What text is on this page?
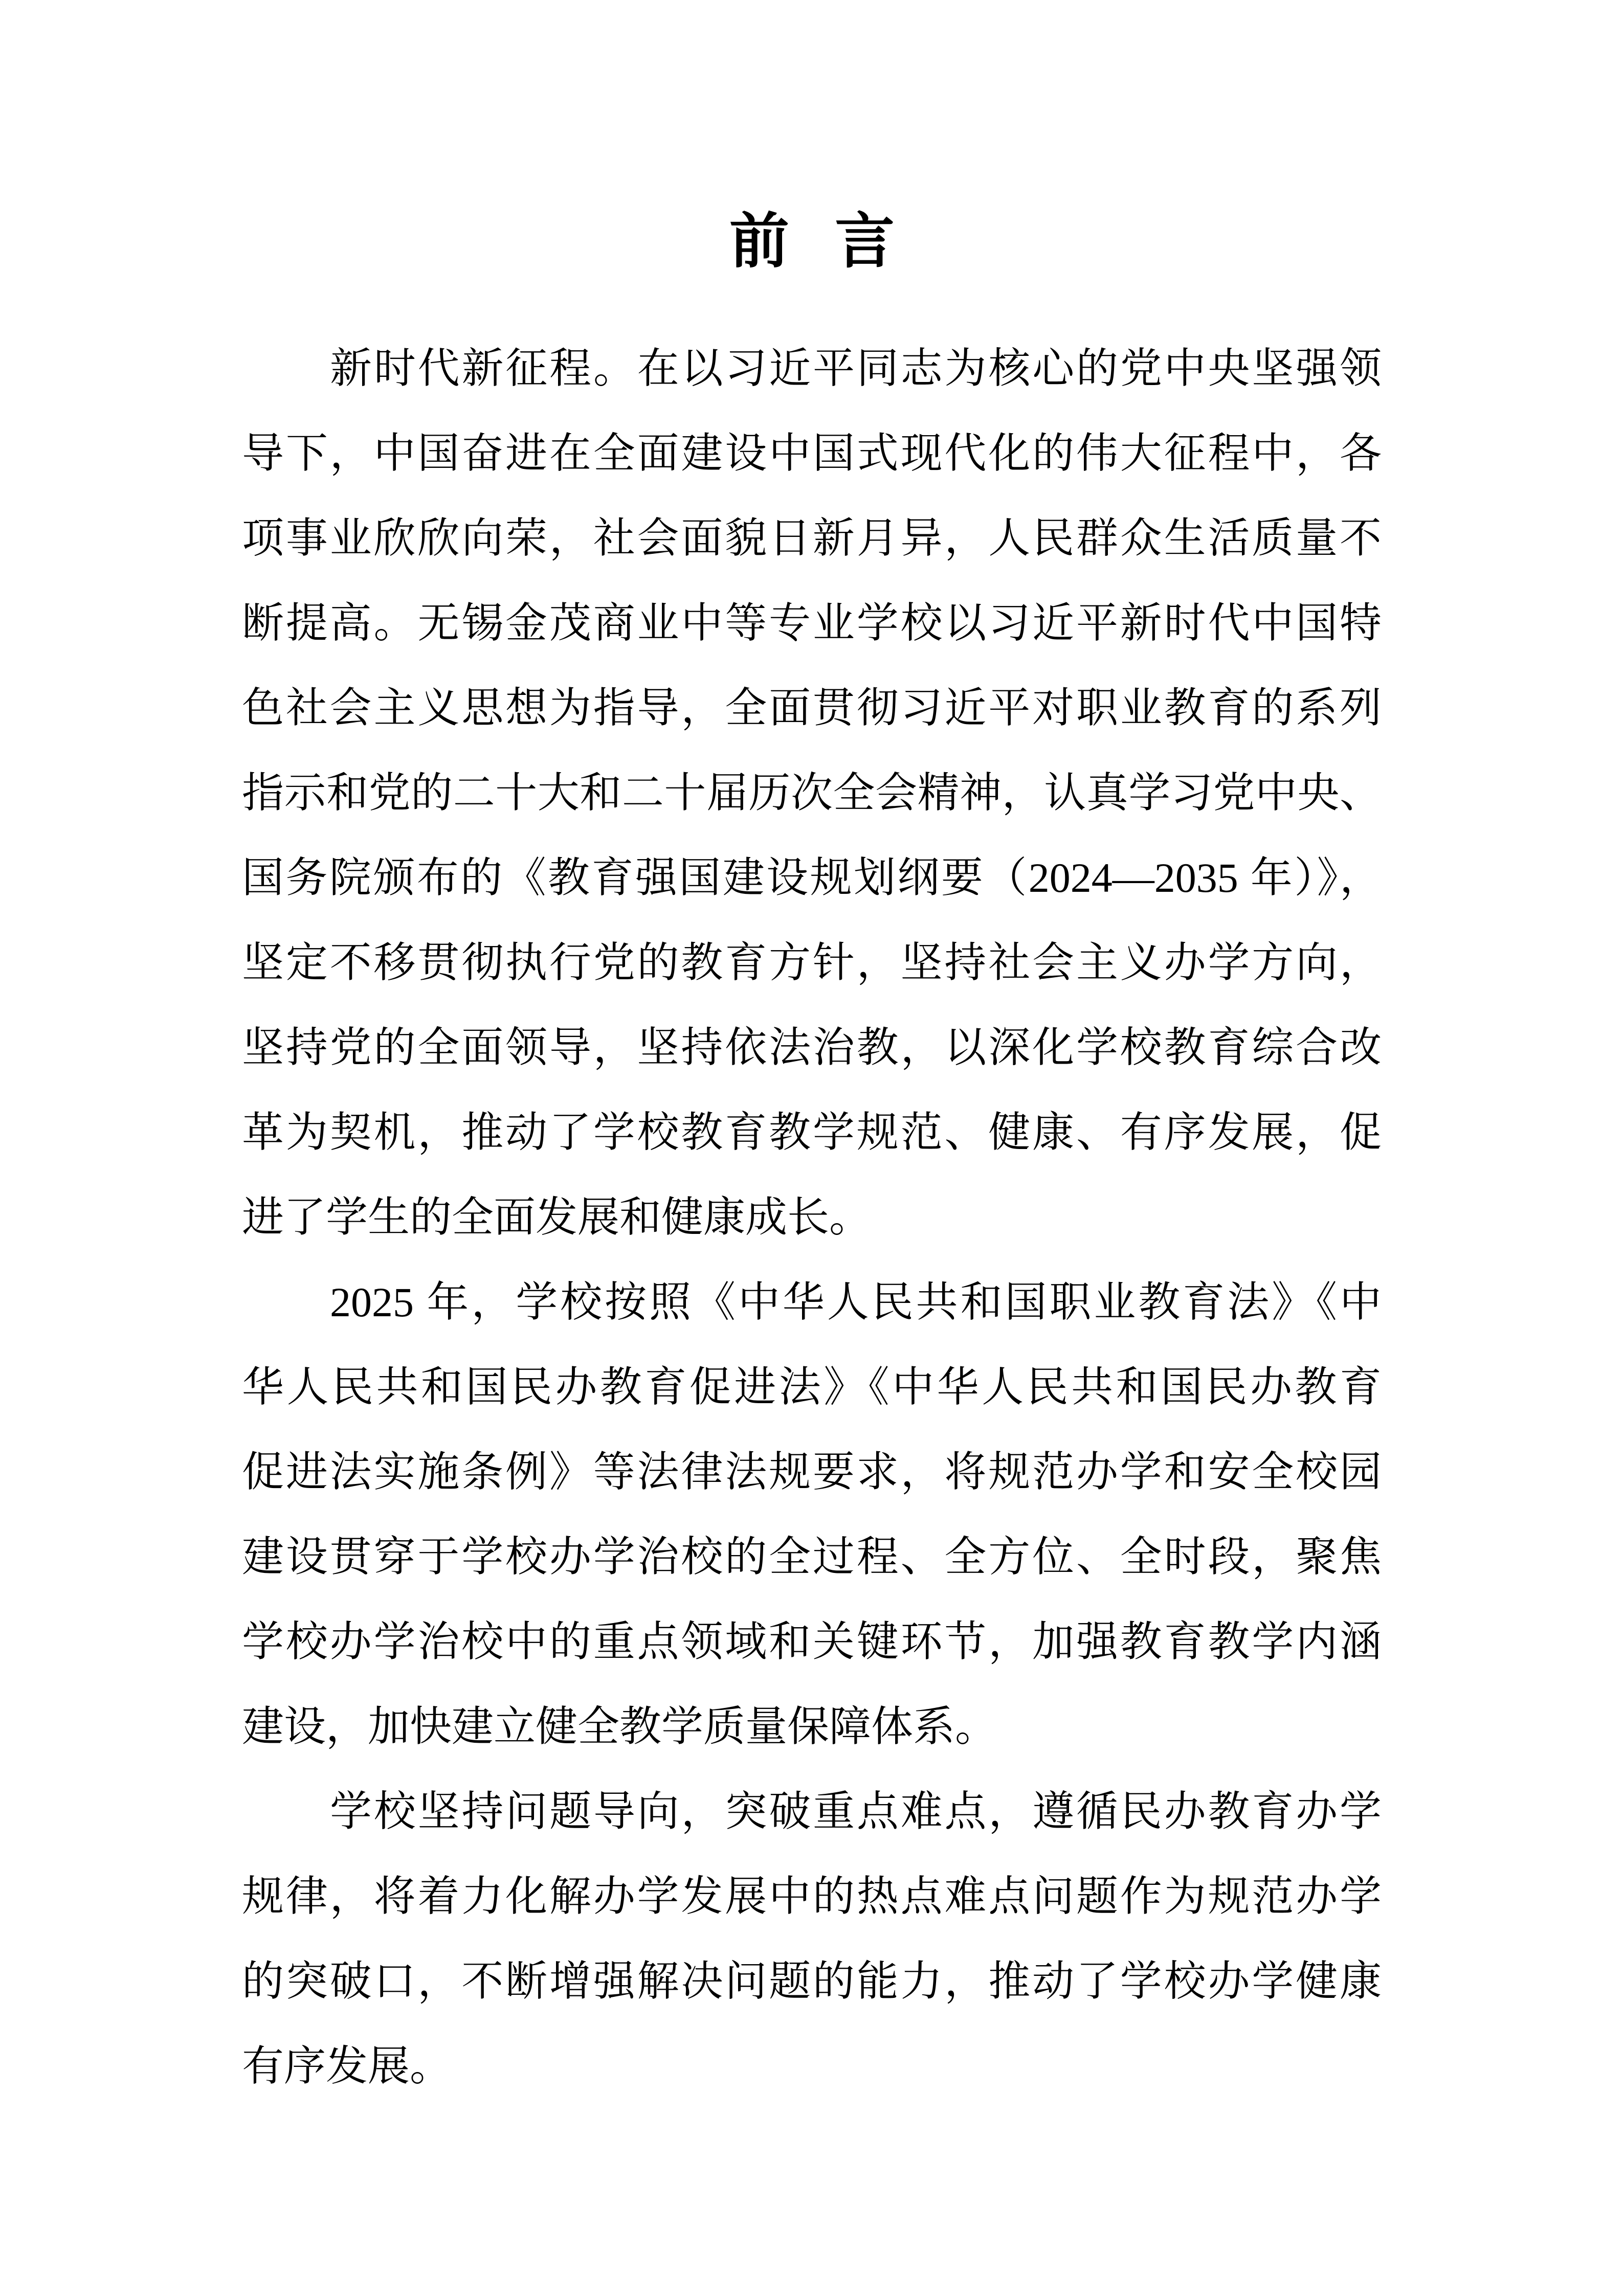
前 言
新时代新征程。在以习近平同志为核心的党中央坚强领
导下，中国奋进在全面建设中国式现代化的伟大征程中，各
项事业欣欣向荣，社会面貌日新月异，人民群众生活质量不
断提高。无锡金茂商业中等专业学校以习近平新时代中国特
色社会主义思想为指导，全面贯彻习近平对职业教育的系列
指示和党的二十大和二十届历次全会精神，认真学习党中央、
国务院颁布的《教育强国建设规划纲要（2024—2035 年）》，
坚定不移贯彻执行党的教育方针，坚持社会主义办学方向，
坚持党的全面领导，坚持依法治教，以深化学校教育综合改
革为契机，推动了学校教育教学规范、健康、有序发展，促
进了学生的全面发展和健康成长。
2025 年，学校按照《中华人民共和国职业教育法》《中
华人民共和国民办教育促进法》《中华人民共和国民办教育
促进法实施条例》等法律法规要求，将规范办学和安全校园
建设贯穿于学校办学治校的全过程、全方位、全时段，聚焦
学校办学治校中的重点领域和关键环节，加强教育教学内涵
建设，加快建立健全教学质量保障体系。
学校坚持问题导向，突破重点难点，遵循民办教育办学
规律，将着力化解办学发展中的热点难点问题作为规范办学
的突破口，不断增强解决问题的能力，推动了学校办学健康
有序发展。
